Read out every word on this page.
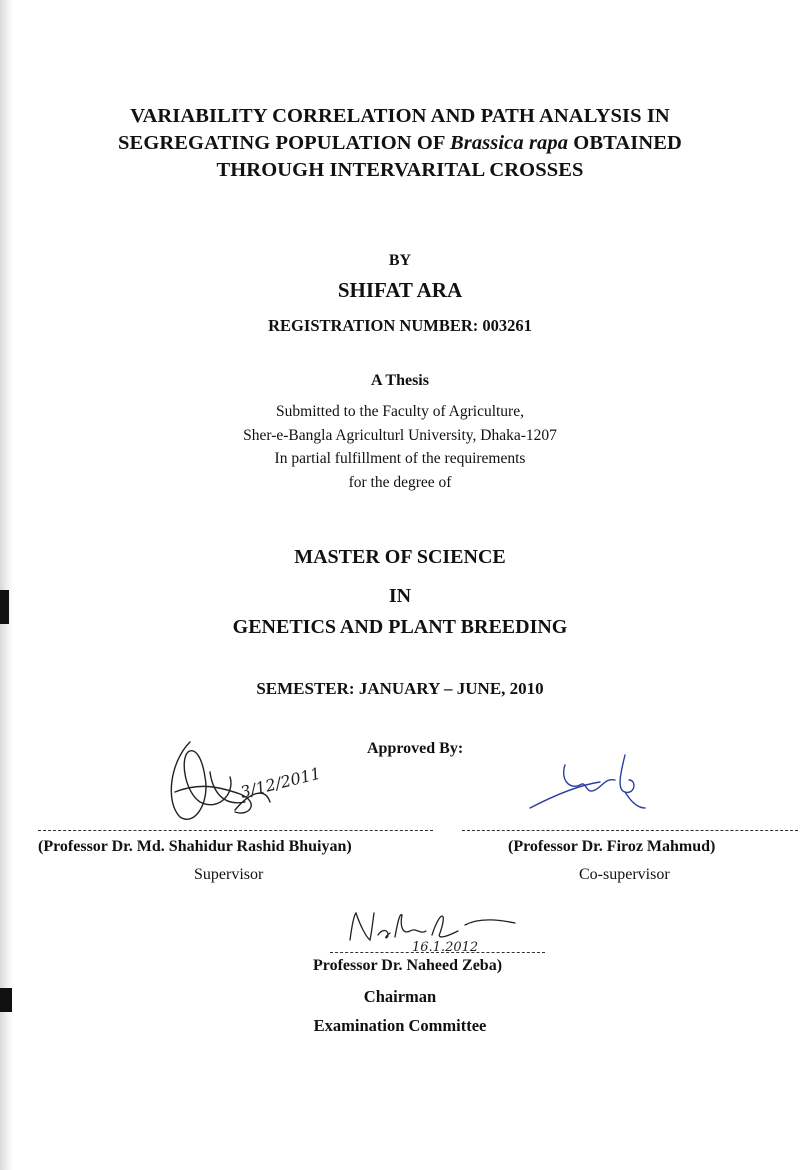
VARIABILITY CORRELATION AND PATH ANALYSIS IN
SEGREGATING POPULATION OF Brassica rapa OBTAINED
THROUGH INTERVARITAL CROSSES
BY
SHIFAT ARA
REGISTRATION NUMBER: 003261
A Thesis
Submitted to the Faculty of Agriculture,
Sher-e-Bangla Agriculturl University, Dhaka-1207
In partial fulfillment of the requirements
for the degree of
MASTER OF SCIENCE
IN
GENETICS AND PLANT BREEDING
SEMESTER: JANUARY – JUNE, 2010
Approved By:
3/12/2011
(Professor Dr. Md. Shahidur Rashid Bhuiyan)	(Professor Dr. Firoz Mahmud)
Supervisor	Co-supervisor
16.1.2012
Professor Dr. Naheed Zeba)
Chairman
Examination Committee
